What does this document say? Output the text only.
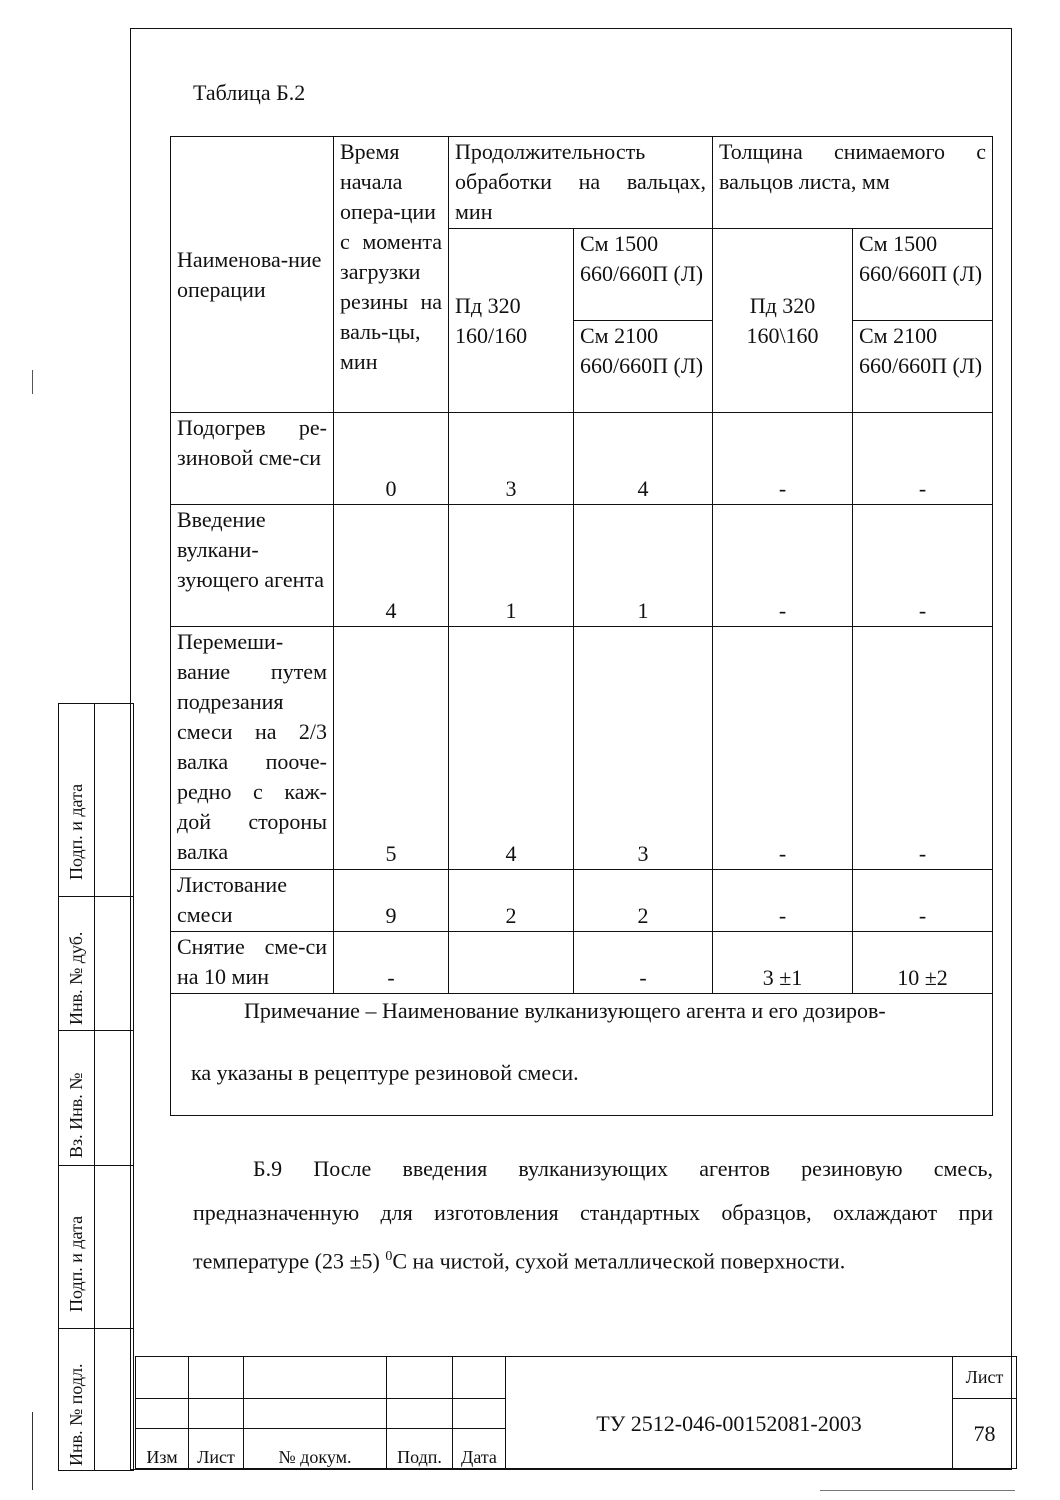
Таблица Б.2
Наименова-ние операции	Время начала опера-ции с момента загрузки резины на валь-цы, мин	Продолжительность обработки на вальцах, мин		Толщина снимаемого с вальцов листа, мм	
		Пд 320 160/160	См 1500 660/660П (Л)	Пд 320 160\160	См 1500 660/660П (Л)
			См 2100 660/660П (Л)		См 2100 660/660П (Л)
Подогрев ре-зиновой сме-си	0	3	4	-	-
Введение вулкани-зующего агента	4	1	1	-	-
Перемеши-вание путем подрезания смеси на 2/3 валка пооче-редно с каж-дой стороны валка	5	4	3	-	-
Листование смеси	9	2	2	-	-
Снятие сме-си на 10 мин	-		-	3 ±1	10 ±2

Примечание – Наименование вулканизующего агента и его дозиров-
ка указаны в рецептуре резиновой смеси.					

Б.9 После введения вулканизующих агентов резиновую смесь, предназначенную для изготовления стандартных образцов, охлаждают при температуре (23 ±5) $^0$С на чистой, сухой металлической поверхности.

Подп. и дата
Инв. № дуб.
Вз. Инв. №
Подп. и дата
Инв. № подл.
						ТУ 2512-046-00152081-2003	Лист
						78
Изм	Лист	№ докум.	Подп.	Дата		
